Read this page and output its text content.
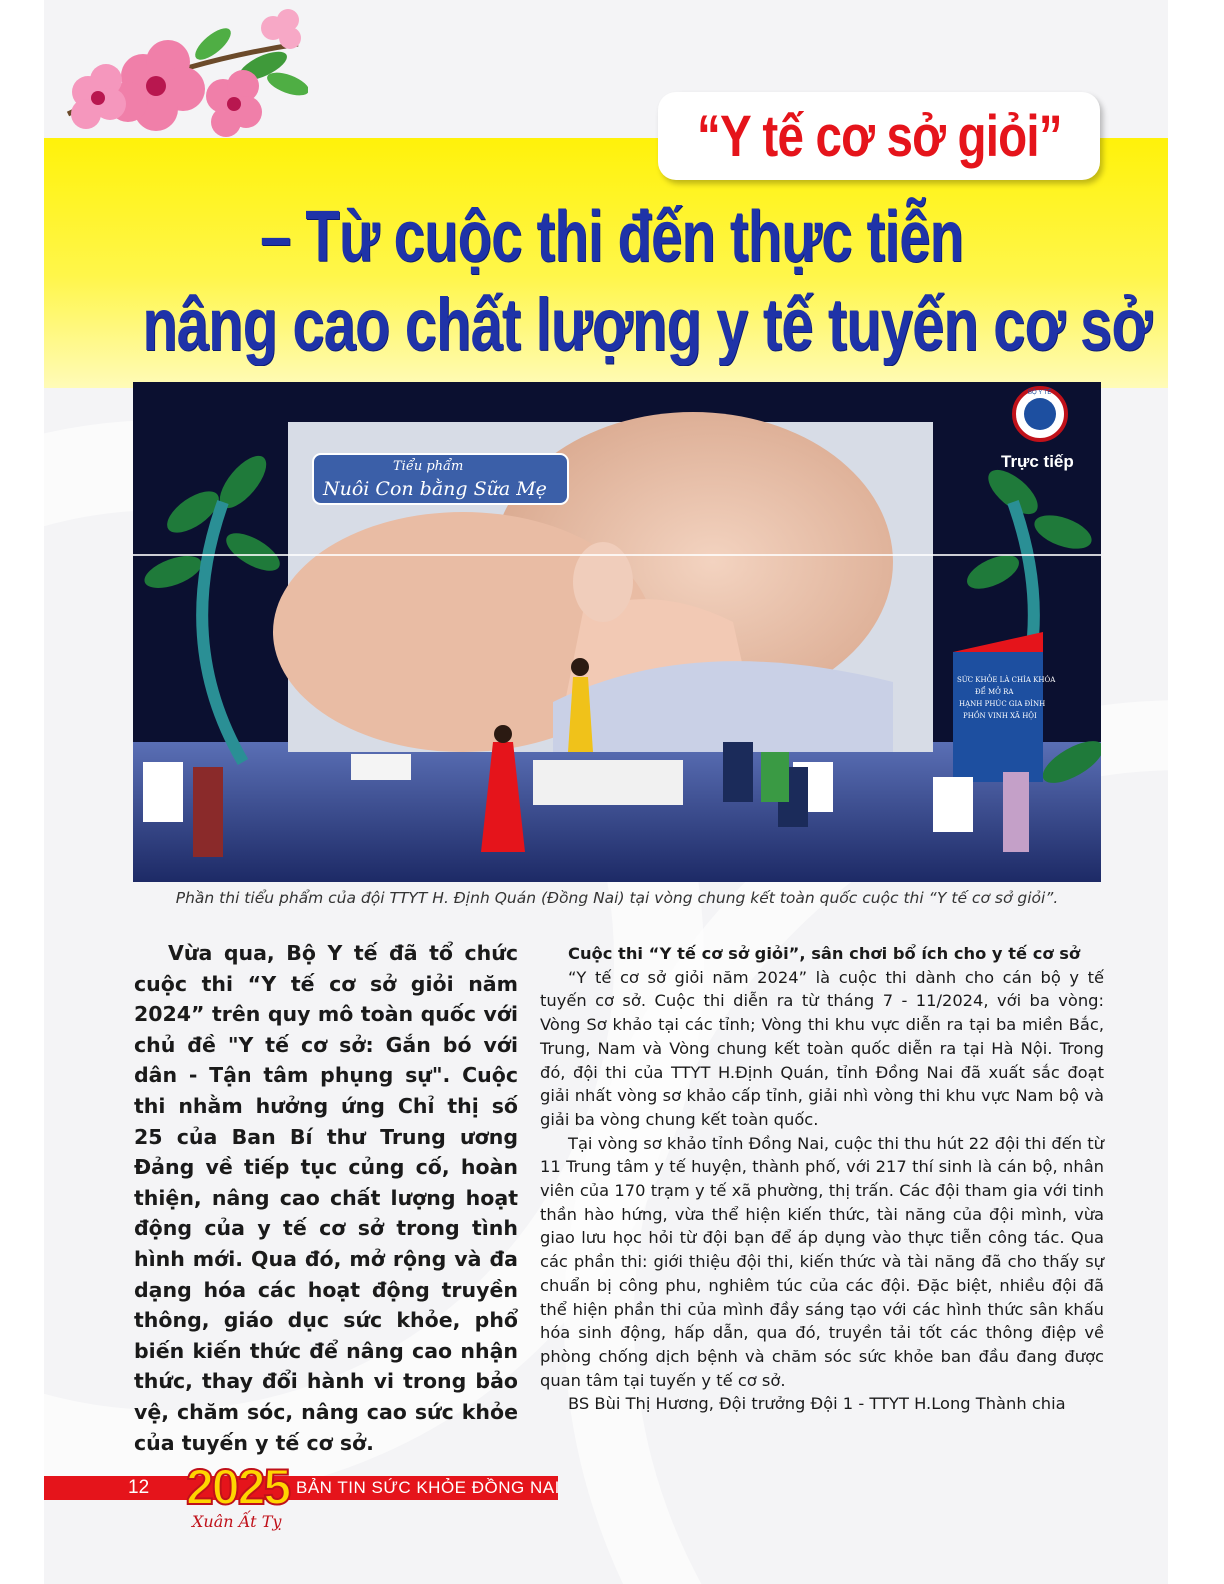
“Y tế cơ sở giỏi”
– Từ cuộc thi đến thực tiễn
nâng cao chất lượng y tế tuyến cơ sở
Tiểu phẩm
Nuôi Con bằng Sữa Mẹ
SỨC KHỎE LÀ CHÌA KHÓA
ĐỂ MỞ RA
HẠNH PHÚC GIA ĐÌNH
PHỒN VINH XÃ HỘI
BỘ Y TẾ
TSG
Trực tiếp
Phần thi tiểu phẩm của đội TTYT H. Định Quán (Đồng Nai) tại vòng chung kết toàn quốc cuộc thi “Y tế cơ sở giỏi”.

Vừa qua, Bộ Y tế đã tổ chức cuộc thi “Y tế cơ sở giỏi năm 2024” trên quy mô toàn quốc với chủ đề "Y tế cơ sở: Gắn bó với dân - Tận tâm phụng sự". Cuộc thi nhằm hưởng ứng Chỉ thị số 25 của Ban Bí thư Trung ương Đảng về tiếp tục củng cố, hoàn thiện, nâng cao chất lượng hoạt động của y tế cơ sở trong tình hình mới. Qua đó, mở rộng và đa dạng hóa các hoạt động truyền thông, giáo dục sức khỏe, phổ biến kiến thức để nâng cao nhận thức, thay đổi hành vi trong bảo vệ, chăm sóc, nâng cao sức khỏe của tuyến y tế cơ sở.

Cuộc thi “Y tế cơ sở giỏi”, sân chơi bổ ích cho y tế cơ sở

“Y tế cơ sở giỏi năm 2024” là cuộc thi dành cho cán bộ y tế tuyến cơ sở. Cuộc thi diễn ra từ tháng 7 - 11/2024, với ba vòng: Vòng Sơ khảo tại các tỉnh; Vòng thi khu vực diễn ra tại ba miền Bắc, Trung, Nam và Vòng chung kết toàn quốc diễn ra tại Hà Nội. Trong đó, đội thi của TTYT H.Định Quán, tỉnh Đồng Nai đã xuất sắc đoạt giải nhất vòng sơ khảo cấp tỉnh, giải nhì vòng thi khu vực Nam bộ và giải ba vòng chung kết toàn quốc.

Tại vòng sơ khảo tỉnh Đồng Nai, cuộc thi thu hút 22 đội thi đến từ 11 Trung tâm y tế huyện, thành phố, với 217 thí sinh là cán bộ, nhân viên của 170 trạm y tế xã phường, thị trấn. Các đội tham gia với tinh thần hào hứng, vừa thể hiện kiến thức, tài năng của đội mình, vừa giao lưu học hỏi từ đội bạn để áp dụng vào thực tiễn công tác. Qua các phần thi: giới thiệu đội thi, kiến thức và tài năng đã cho thấy sự chuẩn bị công phu, nghiêm túc của các đội. Đặc biệt, nhiều đội đã thể hiện phần thi của mình đầy sáng tạo với các hình thức sân khấu hóa sinh động, hấp dẫn, qua đó, truyền tải tốt các thông điệp về phòng chống dịch bệnh và chăm sóc sức khỏe ban đầu đang được quan tâm tại tuyến y tế cơ sở.

BS Bùi Thị Hương, Đội trưởng Đội 1 - TTYT H.Long Thành chia

12 2025
Xuân Ất Tỵ
BẢN TIN SỨC KHỎE ĐỒNG NAI
